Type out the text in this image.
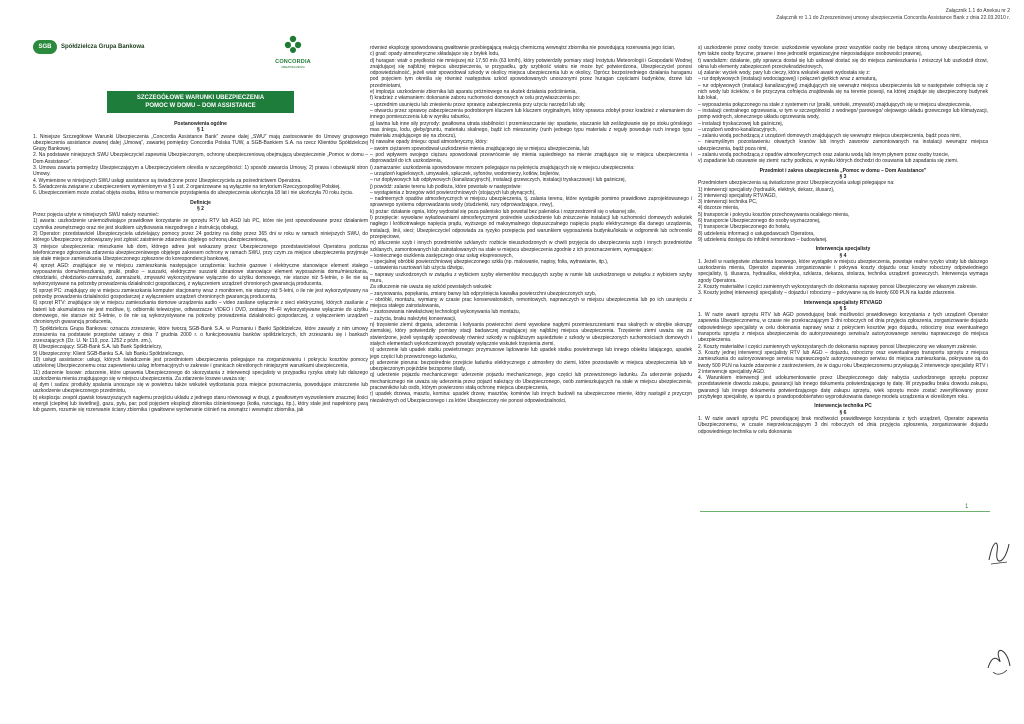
Załącznik 1.1 do Aneksu nr 2
Załącznik nr 1.1 do Zrzeszeniowej umowy ubezpieczenia Concordia Assistance Bank z dnia 22.03.2010 r.
SGB	Spółdzielcza Grupa Bankowa
CONCORDIA
UBEZPIECZENIA
SZCZEGÓŁOWE WARUNKI UBEZPIECZENIA
POMOC W DOMU – DOM ASSISTANCE
Postanowienia ogólne
§ 1

1. Niniejsze Szczegółowe Warunki Ubezpieczenia „Concordia Assistance Bank” zwane dalej „SWU” mają zastosowanie do Umowy grupowego ubezpieczenia assistance zwanej dalej „Umową”, zawartej pomiędzy Concordia Polska TUW, a SGB-Bankiem S.A. na rzecz Klientów Spółdzielczej Grupy Bankowej.

2. Na podstawie niniejszych SWU Ubezpieczyciel zapewnia Ubezpieczonym, ochronę ubezpieczeniową obejmującą ubezpieczenie „Pomoc w domu – Dom Assistance”.

3. Umowa zawarta pomiędzy Ubezpieczającym a Ubezpieczycielem określa w szczególności: 1) sposób zawarcia Umowy, 2) prawa i obowiązki stron Umowy.

4. Wymienione w niniejszych SWU usługi assistance są świadczone przez Ubezpieczyciela za pośrednictwem Operatora.

5. Świadczenia związane z ubezpieczeniem wymienionym w § 1 ust. 2 organizowane są wyłącznie na terytorium Rzeczypospolitej Polskiej.

6. Ubezpieczeniem może zostać objęta osoba, która w momencie przystąpienia do ubezpieczenia ukończyła 18 lat i nie ukończyła 70 roku życia.

Definicje
§ 2

Przez pojęcia użyte w niniejszych SWU należy rozumieć:

1) awaria: uszkodzenie uniemożliwiające prawidłowe korzystanie ze sprzętu RTV lub AGD lub PC, które nie jest spowodowane przez działaniem czynnika zewnętrznego oraz nie jest skutkiem użytkowania niezgodnego z instrukcją obsługi,

2) Operator: przedstawiciel Ubezpieczyciela udzielający pomocy przez 24 godziny na dobę przez 365 dni w roku w ramach niniejszych SWU, do którego Ubezpieczony zobowiązany jest zgłosić zaistnienie zdarzenia objętego ochroną ubezpieczeniową,

3) miejsce ubezpieczenia: mieszkanie lub dom, którego adres jest wskazany przez Ubezpieczonego przedstawicielowi Operatora podczas telefonicznego zgłoszenia zdarzenia ubezpieczeniowego objętego zakresem ochrony w ramach SWU, przy czym za miejsce ubezpieczenia przyjmuje się stałe miejsce zamieszkania Ubezpieczonego zgłoszone do korespondencji bankowej,

4) sprzęt AGD: znajdujące się w miejscu zamieszkania następujące urządzenia: kuchnie gazowe i elektryczne stanowiące element stałego wyposażenia domu/mieszkania, pralki, pralko – suszarki, elektryczne suszarki ubraniowe stanowiące element wyposażenia domu/mieszkania, chłodziarki, chłodziarko-zamrażarki, zamrażarki, zmywarki wykorzystywane wyłącznie do użytku domowego, nie starsze niż 5-letnie, o ile nie są wykorzystywane na potrzeby prowadzenia działalności gospodarczej, z wyłączeniem urządzeń chronionych gwarancją producenta,

5) sprzęt PC: znajdujący się w miejscu zamieszkania komputer stacjonarny wraz z monitorem, nie starszy niż 5-letni, o ile nie jest wykorzystywany na potrzeby prowadzenia działalności gospodarczej z wyłączeniem urządzeń chronionych gwarancją producenta,

6) sprzęt RTV: znajdujące się w miejscu zamieszkania domowe urządzenia audio – video zasilane wyłącznie z sieci elektrycznej, których zasilanie z baterii lub akumulatora nie jest możliwe, tj. odbiorniki telewizyjne, odtwarzacze VIDEO i DVD, zestawy HI–FI wykorzystywane wyłącznie do użytku domowego, nie starsze niż 5-letnie, o ile nie są wykorzystywane na potrzeby prowadzenia działalności gospodarczej, z wyłączeniem urządzeń chronionych gwarancją producenta,

7) Spółdzielcza Grupa Bankowa: oznacza zrzeszenie, które tworzą SGB-Bank S.A. w Poznaniu i Banki Spółdzielcze, które zawarły z nim umowy zrzeszenia na podstawie przepisów ustawy z dnia 7 grudnia 2000 r. o funkcjonowaniu banków spółdzielczych, ich zrzeszaniu się i bankach zrzeszających (Dz. U. Nr 119, poz. 1252 z późn. zm.),

8) Ubezpieczający: SGB-Bank S.A. lub Bank Spółdzielczy,

9) Ubezpieczony: Klient SGB-Banku S.A. lub Banku Spółdzielczego,

10) usługi assistance: usługi, których świadczenie jest przedmiotem ubezpieczenia polegające na zorganizowaniu i pokryciu kosztów pomocy udzielonej Ubezpieczonemu oraz zapewnieniu usług informacyjnych w zakresie i granicach określonych niniejszymi warunkami ubezpieczenia,

11) zdarzenie losowe: zdarzenie, które uprawnia Ubezpieczonego do skorzystania z interwencji specjalisty w przypadku ryzyka utraty lub dalszego uszkodzenia mienia znajdującego się w miejscu ubezpieczenia. Za zdarzenie losowe uważa się:

a) dym i sadza: produkty spalania unoszące się w powietrzu także wskutek wydostania poza miejsce przeznaczenia, powodujące zniszczenie lub uszkodzenie ubezpieczonego przedmiotu,

b) eksplozja: zespół zjawisk towarzyszących nagłemu przejściu układu z jednego stanu równowagi w drugi, z gwałtownym wyzwoleniem znacznej ilości energii (ciepłnej lub świetlnej), gazu, pyłu, par; pod pojęciem eksplozji zbiornika ciśnieniowego (kotła, rurociągu, itp.), który stale jest napełniony parą lub gazem, rozumie się rozerwanie ściany zbiornika i gwałtowne wyrównanie ciśnień na zewnątrz i wewnątrz zbiornika, jak

również eksplozję spowodowaną gwałtownie przebiegającą reakcją chemiczną wewnątrz zbiornika nie powodującą rozerwania jego ścian,

c) grad: opady atmosferyczne składające się z bryłek lodu,

d) huragan: wiatr o prędkości nie mniejszej niż 17,50 m/s (63 km/h), który potwierdziły pomiary stacji Instytutu Meteorologii i Gospodarki Wodnej znajdującej się najbliżej miejsca ubezpieczenia, w przypadku, gdy szybkość wiatru nie może być potwierdzona, Ubezpieczyciel ponosi odpowiedzialność, jeżeli wiatr spowodował szkody w okolicy miejsca ubezpieczenia lub w okolicy. Oprócz bezpośredniego działania huraganu pod pojęciem tym określa się również następstwa szkód spowodowanych unoszonymi przez huragan częściami budynków, drzew lub przedmiotami,

e) implozja: uszkodzenie zbiornika lub aparatu próżniowego na skutek działania podciśnienia,

f) kradzież z włamaniem: dokonanie zaboru ruchomości domowych w celu przywłaszczenia po:

– uprzednim usunięciu lub zniesieniu przez sprawcę zabezpieczenia przy użyciu narzędzi lub siły,

– otwarciu przez sprawcę zabezpieczenia podrobionym kluczem lub kluczem oryginalnym, który sprawca zdobył przez kradzież z włamaniem do innego pomieszczenia lub w wyniku rabunku,

g) lawina lub inne siły przyrody: gwałtowna utrata stabilności i przemieszczanie się: spadanie, staczanie lub ześlizgiwanie się po stoku górskiego mas śniegu, lodu, gleby/gruntu, materiału skalnego, bądź ich mieszaniny (runh jednego typu materiału z reguły powoduje ruch innego typu materiału znajdującego się na zboczu),

h) nawalne opady śniegu: opad atmosferyczny, który:

– swoim ciężarem spowodował uszkodzenie mienia znajdującego się w miejscu ubezpieczenia, lub

– pod wpływem swojego ciężaru spowodował przewrócenie się mienia sąsiedniego na mienie znajdujące się w miejscu ubezpieczenia i doprowadził do ich uszkodzenia,

i) zamarzanie: uszkodzenia spowodowane mrozem polegające na pęknięciu znajdujących się w miejscu ubezpieczenia:

– urządzeń kąpielowych, umywalek, spłuczek, syfonów, wodomierzy, kotłów, bojlerów,

– rur dopływowych lub odpływowych (kanalizacyjnych), instalacji grzewczych, instalacji tryskaczowej i lub gaśniczej,

j) powódź: zalanie terenu lub podłoża, które powstało w następstwie:

– wystąpienia z brzegów wód powierzchniowych (stojących lub płynących),

– nadmiernych opadów atmosferycznych w miejscu ubezpieczenia, tj. zalania terenu, które wystąpiło pomimo prawidłowo zaprojektowanego i sprawnego systemu odprowadzania wody (studzienki, rury odprowadzające, rowy),

k) pożar: działanie ognia, który wydostał się poza palenisko lub powstał bez paleniska i rozprzestrzenił się o własnej sile,

l) przepięcie: wywołane wyładowaniami atmosferycznymi pośrednie uszkodzenie lub zniszczenie instalacji lub ruchomości domowych wskutek nagłego i krótkotrwałego napięcia prądu, wyższego od maksymalnego dopuszczalnego napięcia prądu elektrycznego dla danego urządzenia, instalacji, linii, sieci; Ubezpieczyciel odpowiada za ryzyko przepięcia pod warunkiem wyposażenia budynku/lokalu w odgromnik lub ochronniki przepięciowe,

m) stłuczenie szyb i innych przedmiotów szklanych: rozbicie nieuszkodzonych w chwili przyjęcia do ubezpieczenia szyb i innych przedmiotów szklanych, zamontowanych lub zainstalowanych na stałe w miejscu ubezpieczenia zgodnie z ich przeznaczeniem, wymagające:

– koniecznego oszklenia zastępczego oraz usług ekspresowych,

– specjalnej obróbki powierzchniowej ubezpieczonego szkła (np. malowanie, napisy, folia, wytrawianie, itp.),

– ustawienia rusztowań lub użycia dźwigu,

– naprawy uszkodzonych w związku z wybiciem szyby elementów mocujących szybę w ramie lub uszkodzonego w związku z wybiciem szyby muru,

Za stłuczenie nie uważa się szkód powstałych wskutek:

– zarysowania, popękania, zmiany barwy lub odpryśnięcia kawałka powierzchni ubezpieczonych szyb,

– obróbki, montażu, wymiany w czasie prac konserwatorskich, remontowych, naprawczych w miejscu ubezpieczenia lub po ich usunięciu z miejsca stałego zainstalowania,

– zastosowania niewłaściwej technologii wykonywania lub montażu,

– zużycia, braku należytej konserwacji,

n) trzęsienie ziemi: drgania, uderzenia i kołysania powierzchni ziemi wywołane nagłymi przemieszczeniami mas skalnych w obrębie skorupy ziemskiej, który potwierdziły pomiary stacji badawczej znajdującej się najbliżej miejsca ubezpieczenia. Trzęsienie ziemi uważa się za stwierdzone, jeżeli wystąpiły spowodowały również szkody w najbliższym sąsiedztwie z szkody w ubezpieczonych ruchomościach domowych i stałych elementach wykończeniowych powstały wyłącznie wskutek trzęsienia ziemi,

o) uderzenie lub upadek statku powietrznego: przymusowe lądowanie lub upadek statku powietrznego lub innego obiektu latającego, upadek jego części lub przewożonego ładunku,

p) uderzenie pioruna: bezpośrednie przejście ładunku elektrycznego z atmosfery do ziemi, które pozostawiło w miejscu ubezpieczenia lub w ubezpieczonym pojeździe bezsporne ślady,

q) uderzenie pojazdu mechanicznego: uderzenie pojazdu mechanicznego, jego części lub przewożonego ładunku. Za uderzenie pojazdu mechanicznego nie uważa się uderzenia przez pojazd należący do Ubezpieczonego, osób zamieszkujących na stałe w miejscu ubezpieczenia, pracowników lub osób, którym powierzono stałą ochronę miejsca ubezpieczenia,

r) upadek drzewa, masztu, komina: upadek drzew, masztów, kominów lub innych budowli na ubezpieczone mienie, który nastąpił z przyczyn niezależnych od Ubezpieczonego i za które Ubezpieczony nie ponosi odpowiedzialności,

s) uszkodzenie przez osoby trzecie: uszkodzenie wywołane przez wszystkie osoby nie będące stroną umowy ubezpieczenia, w tym także osoby fizyczne, prawne i inne jednostki organizacyjne nieposiadające osobowości prawnej,

t) wandalizm: działanie, gdy sprawca dostał się lub usiłował dostać się do miejsca zamieszkania i zniszczył lub uszkodził drzwi, okna lub elementy zabezpieczeń przeciwkradzieżowych,

u) zalanie: wyciek wody, pary lub cieczy, która wskutek awarii wydostała się z:

– rur dopływowych (instalacji wodociągowej) i połączeń giętkich wraz z armaturą,

– rur odpływowych (instalacji kanalizacyjnej) znajdujących się wewnątrz miejsca ubezpieczenia lub w następstwie cofnięcia się z nich wody lub ścieków, o ile przyczyna cofnięcia znajdowała się na terenie posesji, na której znajduje się ubezpieczony budynek lub lokal,

– wyposażenia połączonego na stałe z systemem rur (pralki, wirówki, zmywarki) znajdujących się w miejscu ubezpieczenia,

– instalacji centralnego ogrzewania, w tym w szczególności z wodnego/ parowego/ olejowego układu grzewczego lub klimatyzacji, pomp wodnych, słonecznego układu ogrzewania wody,

– instalacji tryskaczowej lub gaśniczej,

– urządzeń wodno-kanalizacyjnych,

– zalaniu wodą pochodzącą z urządzeń domowych znajdujących się wewnątrz miejsca ubezpieczenia, bądź poza nimi,

– nieumyślnym pozostawieniu otwartych kranów lub innych zaworów zamontowanych na instalacji wewnątrz miejsca ubezpieczenia, bądź poza nimi,

– zalaniu wodą pochodzącą z opadów atmosferycznych oraz zalaniu wodą lub innym płynem przez osoby trzecie,

v) zapadanie lub osuwanie się ziemi: ruchy podłoża, w wyniku których dochodzi do osuwania lub zapadania się ziemi.

Przedmiot i zakres ubezpieczenia „Pomoc w domu – Dom Assistance”
§ 3

Przedmiotem ubezpieczenia są świadczone przez Ubezpieczyciela usługi polegające na:

1) interwencji specjalisty (hydraulik, elektryk, dekarz, ślusarz),

2) interwencji specjalisty RTV/AGD,

3) interwencji technika PC,

4) dozorze mienia,

5) transporcie i pokryciu kosztów przechowywania ocalałego mienia,

6) transporcie Ubezpieczonego do osoby wyznaczonej,

7) transporcie Ubezpieczonego do hotelu,

8) udzieleniu informacji o usługodawcach Operatora,

9) udzieleniu dostępu do infolinii remontowo – budowlanej.

Interwencja specjalisty
§ 4

1. Jeżeli w następstwie zdarzenia losowego, które wystąpiło w miejscu ubezpieczenia, powstaje realne ryzyko utraty lub dalszego uszkodzenia mienia, Operator zapewnia zorganizowanie i pokrywa koszty dojazdu oraz koszty robocizny odpowiedniego specjalisty, tj. ślusarza, hydraulika, elektryka, szklarza, dekarza, stolarza, technika urządzeń grzewczych. Interwencja wymaga zgody Operatora.

2. Koszty materiałów i części zamiennych wykorzystanych do dokonania naprawy ponosi Ubezpieczony we własnym zakresie.

3. Koszty jednej interwencji specjalisty – dojazdu i robocizny – pokrywane są do kwoty 600 PLN na każde zdarzenie.

Interwencja specjalisty RTV/AGD
§ 5

1. W razie awarii sprzętu RTV lub AGD powodującej brak możliwości prawidłowego korzystania z tych urządzeń Operator zapewnia Ubezpieczonemu, w czasie nie przekraczającym 3 dni roboczych od dnia przyjęcia zgłoszenia, zorganizowanie dojazdu odpowiedniego specjalisty w celu dokonania naprawy wraz z pokryciem kosztów jego dojazdu, robocizny oraz ewentualnego transportu sprzętu z miejsca ubezpieczenia do autoryzowanego serwisu/z autoryzowanego serwisu naprawczego do miejsca ubezpieczenia.

2. Koszty materiałów i części zamiennych wykorzystanych do dokonania naprawy ponosi Ubezpieczony we własnym zakresie.

3. Koszty jednej interwencji specjalisty RTV lub AGD – dojazdu, robocizny oraz ewentualnego transportu sprzętu z miejsca zamieszkania do autoryzowanego serwisu naprawczego/z autoryzowanego serwisu do miejsca zamieszkania, pokrywane są do kwoty 500 PLN na każde zdarzenie z zastrzeżeniem, że w ciągu roku Ubezpieczonemu przysługują 2 interwencje specjalisty RTV i 2 interwencje specjalisty AGD.

4. Warunkiem interwencji jest udokumentowanie przez Ubezpieczonego daty nabycia uszkodzonego sprzętu poprzez przedstawienie dowodu zakupu, gwarancji lub innego dokumentu potwierdzającego tę datę. W przypadku braku dowodu zakupu, gwarancji lub innego dokumentu potwierdzającego datę zakupu sprzętu, wiek sprzętu może zostać zweryfikowany przez przybyłego specjalistę, w oparciu o prawdopodobieństwo wyprodukowania danego modelu urządzenia w określonym roku.

Interwencja technika PC
§ 6

1. W razie awarii sprzętu PC powodującej brak możliwości prawidłowego korzystania z tych urządzeń, Operator zapewnia Ubezpieczonemu, w czasie nieprzekraczającym 3 dni roboczych od dnia przyjęcia zgłoszenia, zorganizowanie dojazdu odpowiedniego technika w celu dokonania

1
